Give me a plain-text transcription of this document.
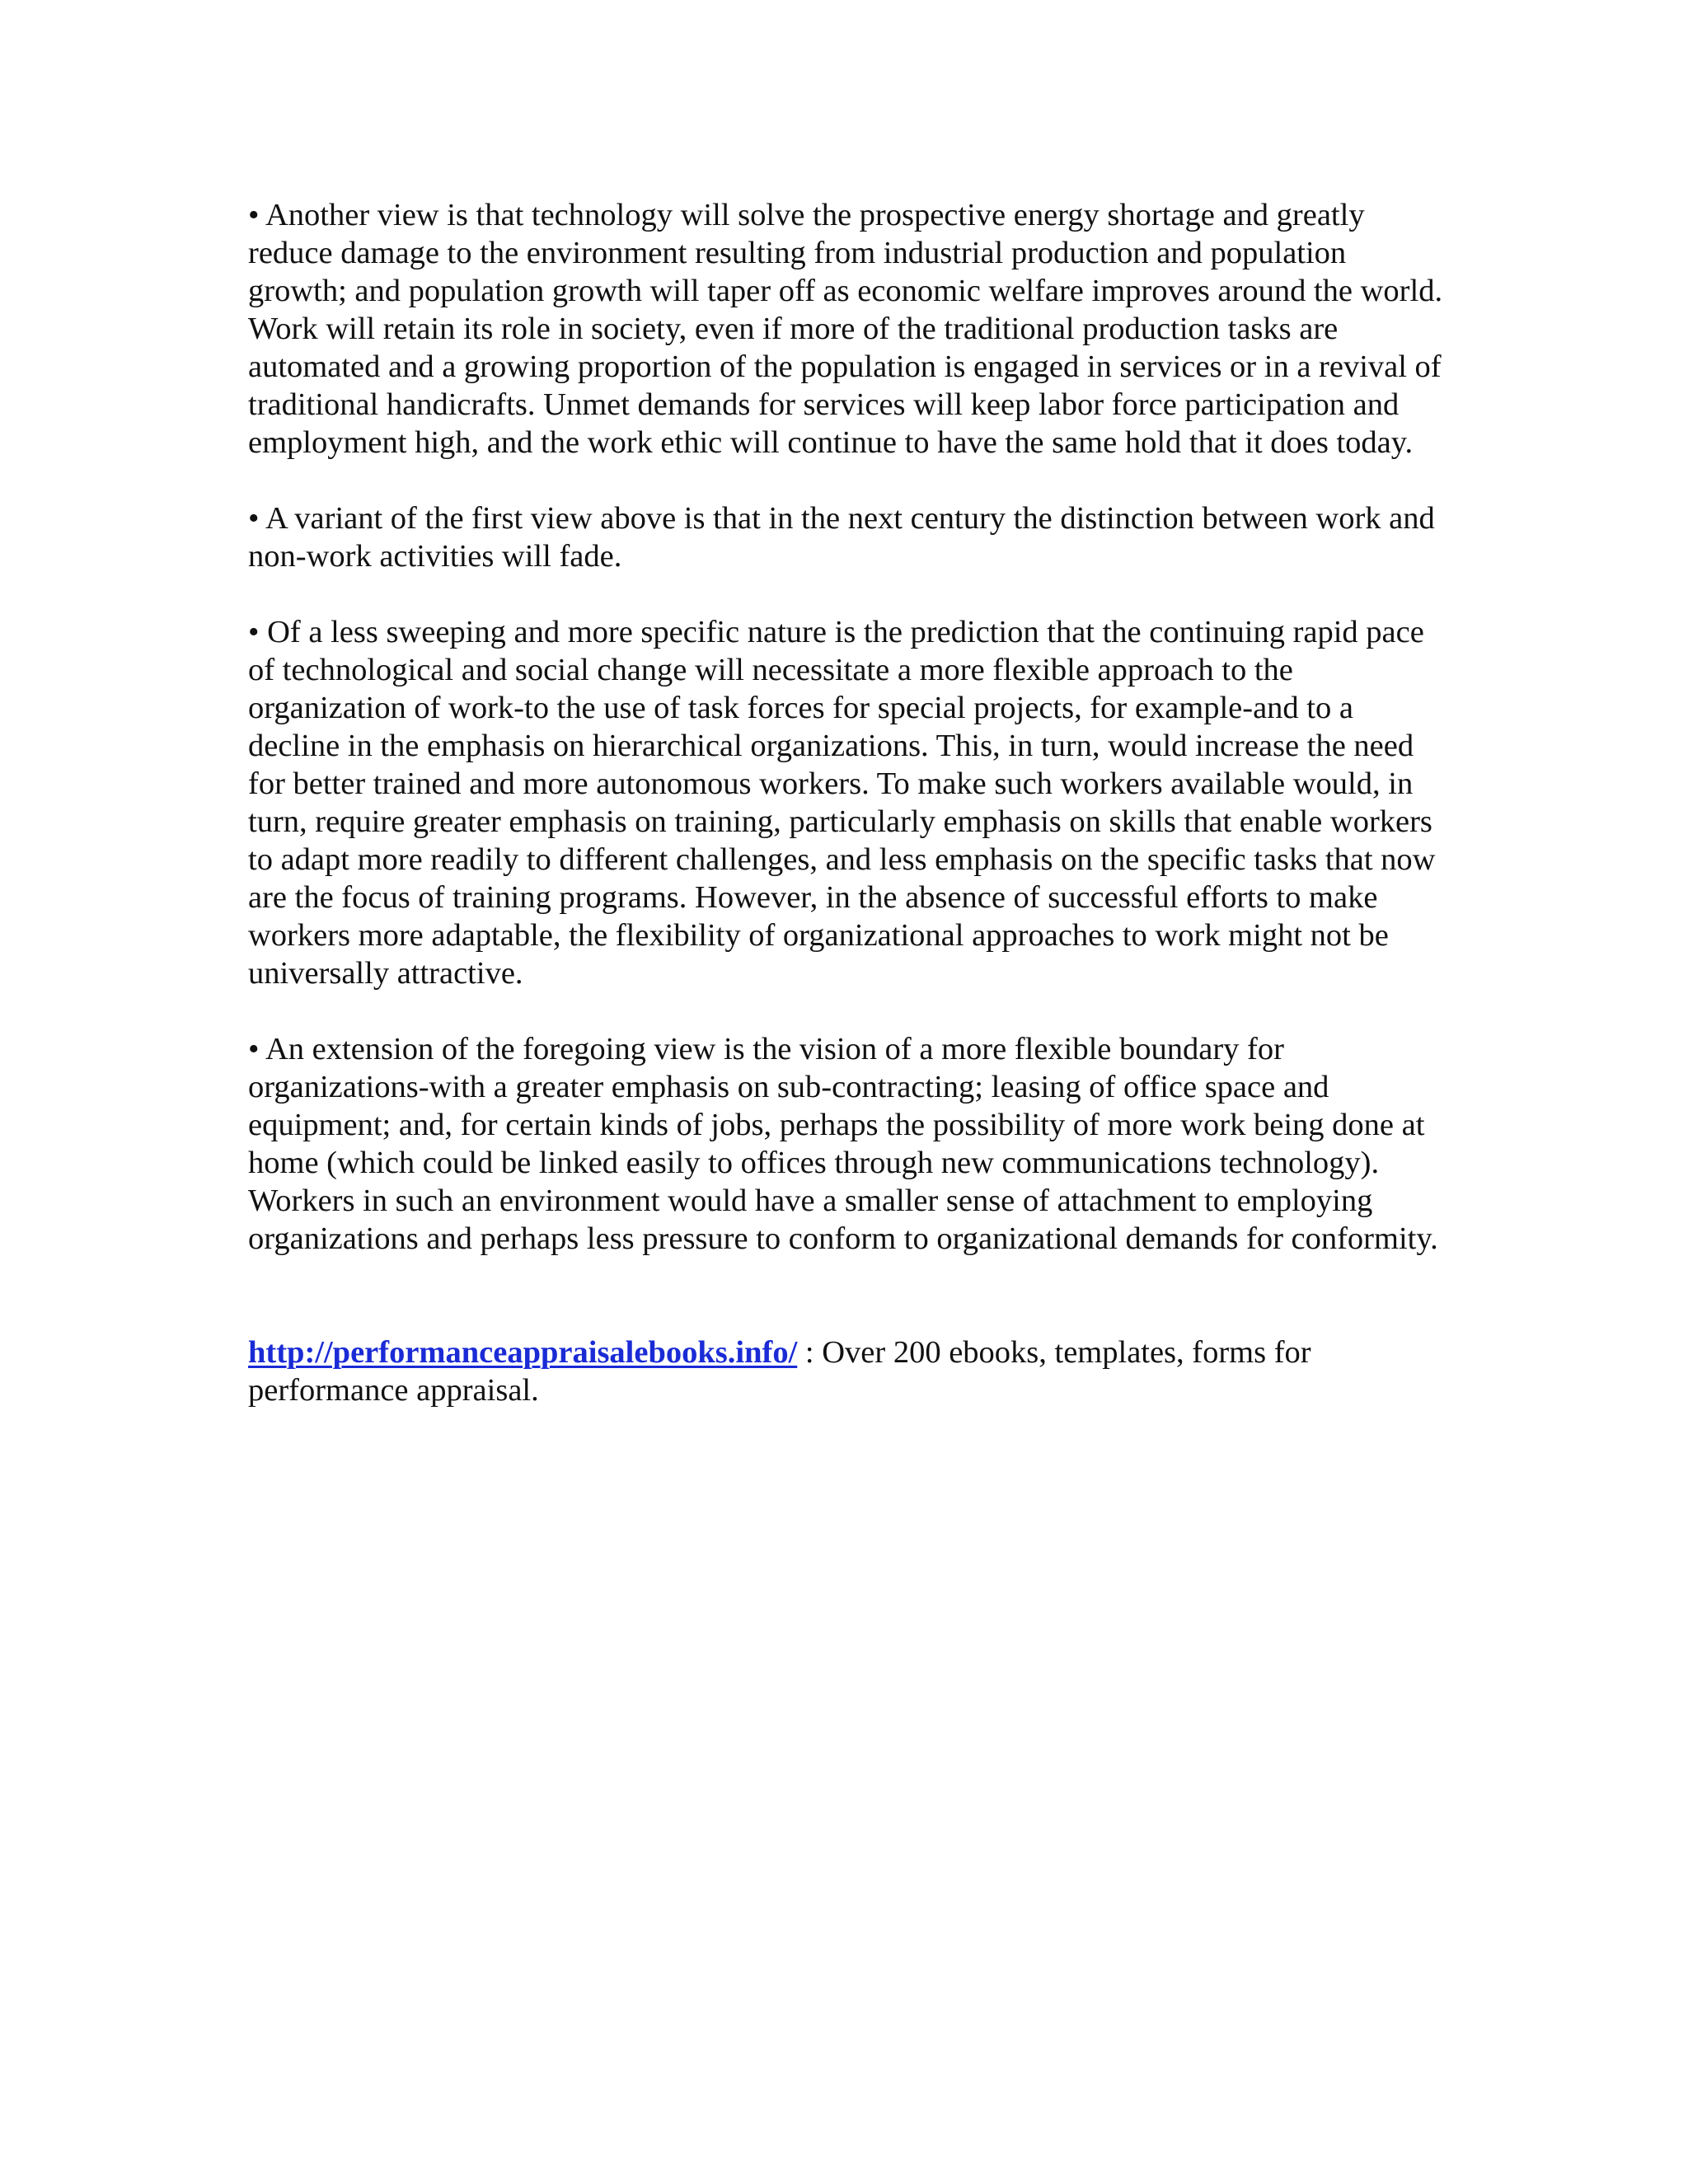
• Another view is that technology will solve the prospective energy shortage and greatly reduce damage to the environment resulting from industrial production and population growth; and population growth will taper off as economic welfare improves around the world. Work will retain its role in society, even if more of the traditional production tasks are automated and a growing proportion of the population is engaged in services or in a revival of traditional handicrafts. Unmet demands for services will keep labor force participation and employment high, and the work ethic will continue to have the same hold that it does today.

• A variant of the first view above is that in the next century the distinction between work and non-work activities will fade.

• Of a less sweeping and more specific nature is the prediction that the continuing rapid pace of technological and social change will necessitate a more flexible approach to the organization of work-to the use of task forces for special projects, for example-and to a decline in the emphasis on hierarchical organizations. This, in turn, would increase the need for better trained and more autonomous workers. To make such workers available would, in turn, require greater emphasis on training, particularly emphasis on skills that enable workers to adapt more readily to different challenges, and less emphasis on the specific tasks that now are the focus of training programs. However, in the absence of successful efforts to make workers more adaptable, the flexibility of organizational approaches to work might not be universally attractive.

• An extension of the foregoing view is the vision of a more flexible boundary for organizations-with a greater emphasis on sub-contracting; leasing of office space and equipment; and, for certain kinds of jobs, perhaps the possibility of more work being done at home (which could be linked easily to offices through new communications technology). Workers in such an environment would have a smaller sense of attachment to employing organizations and perhaps less pressure to conform to organizational demands for conformity.

http://performanceappraisalebooks.info/ : Over 200 ebooks, templates, forms for performance appraisal.
